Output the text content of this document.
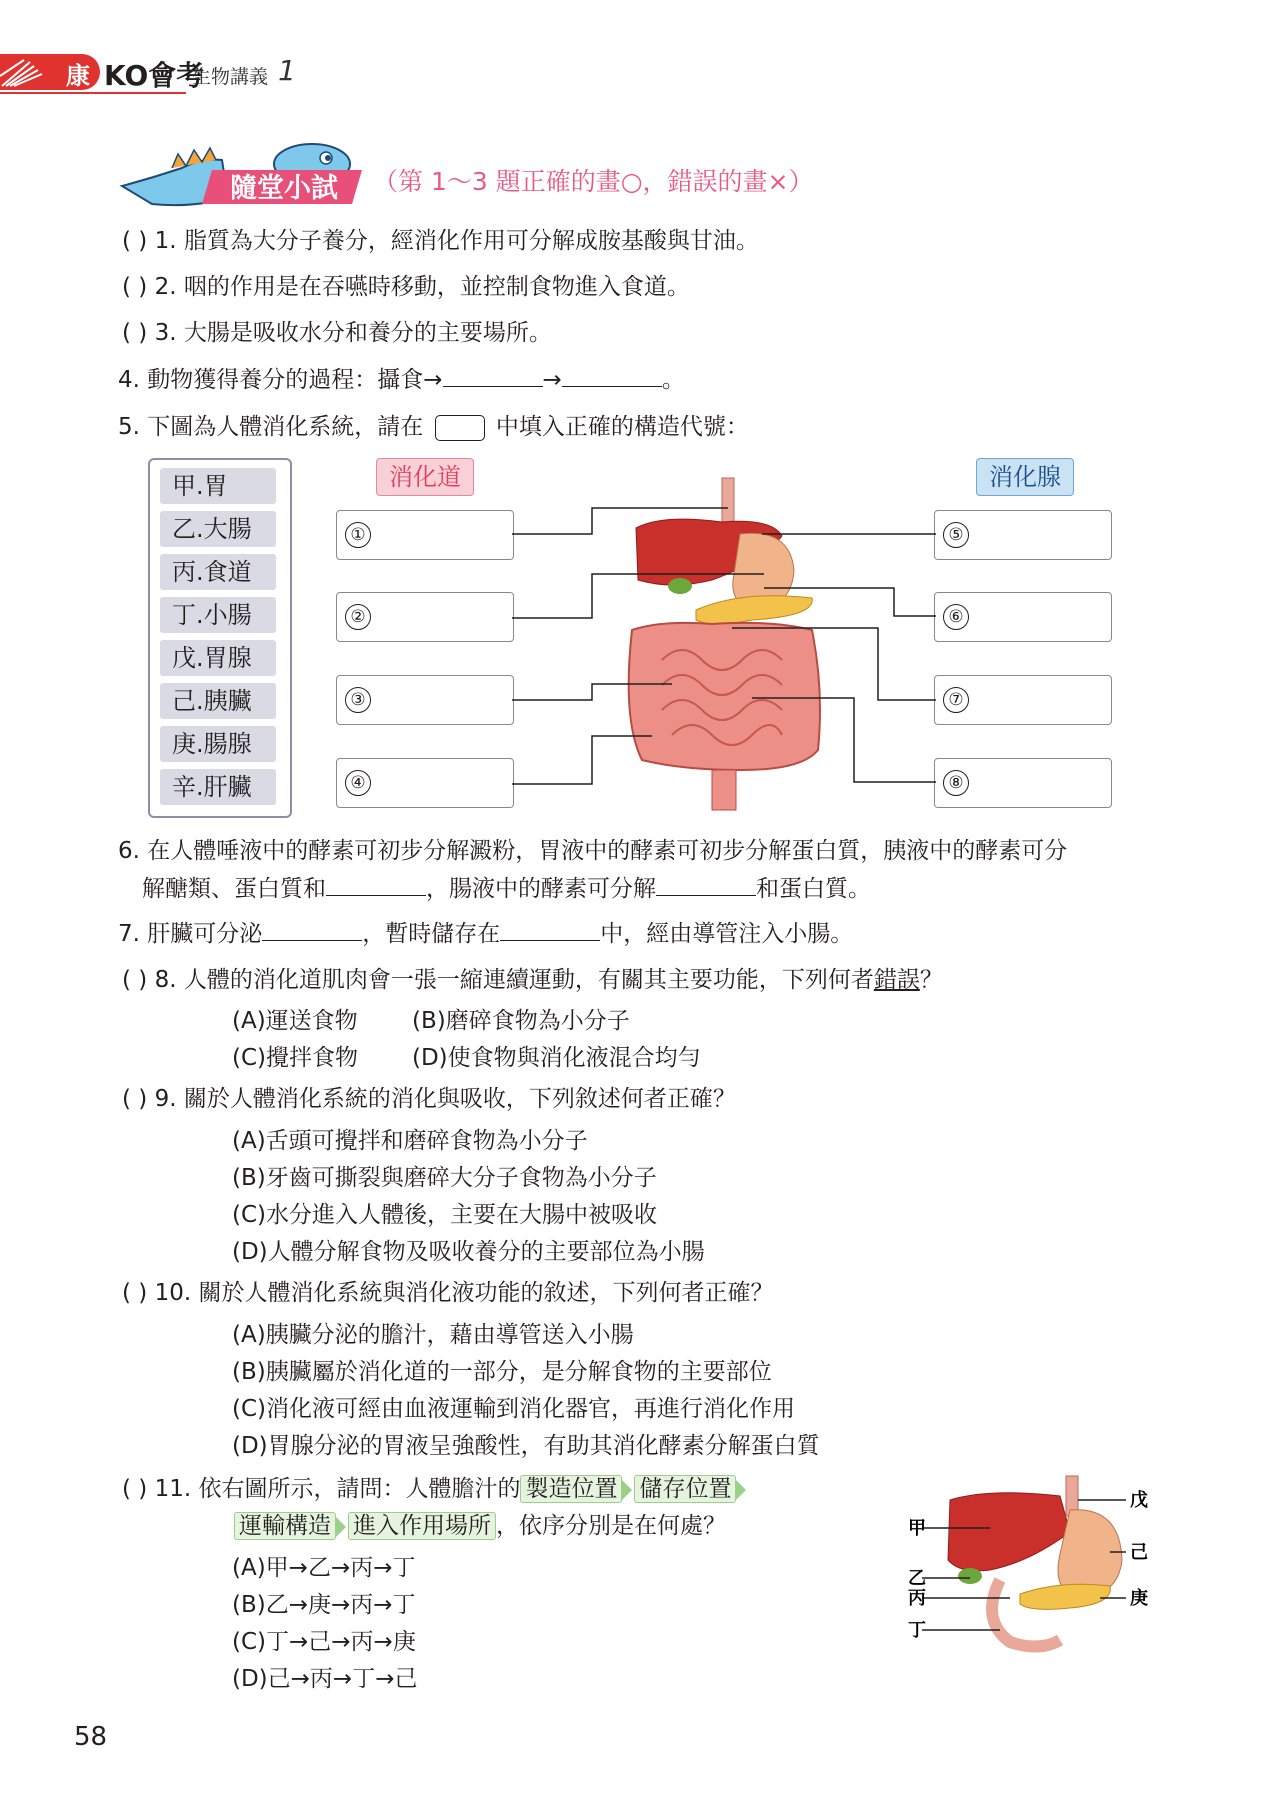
康 KO會考
生物講義 1
隨堂小試 （第 1～3 題正確的畫○，錯誤的畫×）
( ) 1. 脂質為大分子養分，經消化作用可分解成胺基酸與甘油。
( ) 2. 咽的作用是在吞嚥時移動，並控制食物進入食道。
( ) 3. 大腸是吸收水分和養分的主要場所。
4. 動物獲得養分的過程：攝食→	→	。
5. 下圖為人體消化系統，請在	中填入正確的構造代號：
甲.胃
乙.大腸
丙.食道
丁.小腸
戊.胃腺
己.胰臟
庚.腸腺
辛.肝臟
消化道	消化腺
①
②
③
④
⑤
⑥
⑦
⑧
6. 在人體唾液中的酵素可初步分解澱粉，胃液中的酵素可初步分解蛋白質，胰液中的酵素可分
解醣類、蛋白質和	，腸液中的酵素可分解	和蛋白質。
7. 肝臟可分泌	，暫時儲存在	中，經由導管注入小腸。
( ) 8. 人體的消化道肌肉會一張一縮連續運動，有關其主要功能，下列何者錯誤？
(A)運送食物 (B)磨碎食物為小分子
(C)攪拌食物 (D)使食物與消化液混合均勻
( ) 9. 關於人體消化系統的消化與吸收，下列敘述何者正確？
(A)舌頭可攪拌和磨碎食物為小分子
(B)牙齒可撕裂與磨碎大分子食物為小分子
(C)水分進入人體後，主要在大腸中被吸收
(D)人體分解食物及吸收養分的主要部位為小腸
( ) 10. 關於人體消化系統與消化液功能的敘述，下列何者正確？
(A)胰臟分泌的膽汁，藉由導管送入小腸
(B)胰臟屬於消化道的一部分，是分解食物的主要部位
(C)消化液可經由血液運輸到消化器官，再進行消化作用
(D)胃腺分泌的胃液呈強酸性，有助其消化酵素分解蛋白質
( ) 11. 依右圖所示，請問：人體膽汁的 製造位置 儲存位置
運輸構造 進入作用場所 ，依序分別是在何處？
(A)甲→乙→丙→丁
(B)乙→庚→丙→丁
(C)丁→己→丙→庚
(D)己→丙→丁→己
甲
乙
丙
丁
戊
己
庚
58
